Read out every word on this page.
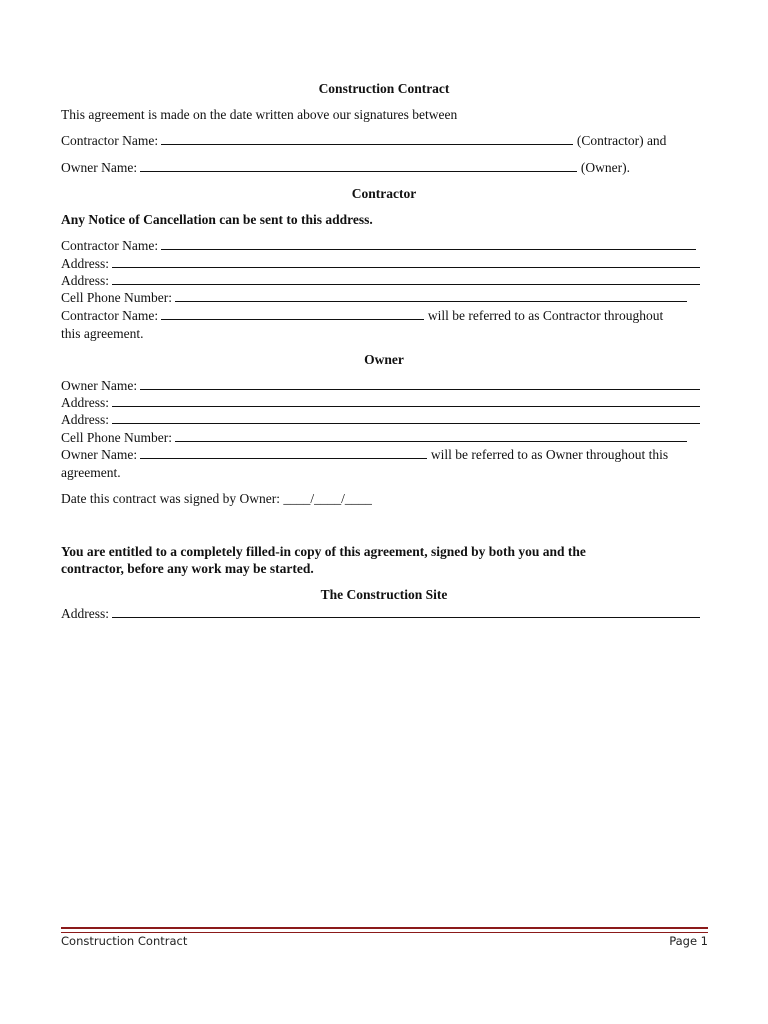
Construction Contract
This agreement is made on the date written above our signatures between
Contractor Name:	(Contractor) and
Owner Name:	(Owner).
Contractor
Any Notice of Cancellation can be sent to this address.
Contractor Name:
Address:
Address:
Cell Phone Number:
Contractor Name:	will be referred to as Contractor throughout
this agreement.
Owner
Owner Name:
Address:
Address:
Cell Phone Number:
Owner Name:	will be referred to as Owner throughout this
agreement.
Date this contract was signed by Owner: ____/____/____
You are entitled to a completely filled-in copy of this agreement, signed by both you and the
contractor, before any work may be started.
The Construction Site
Address:
Construction Contract	Page 1
